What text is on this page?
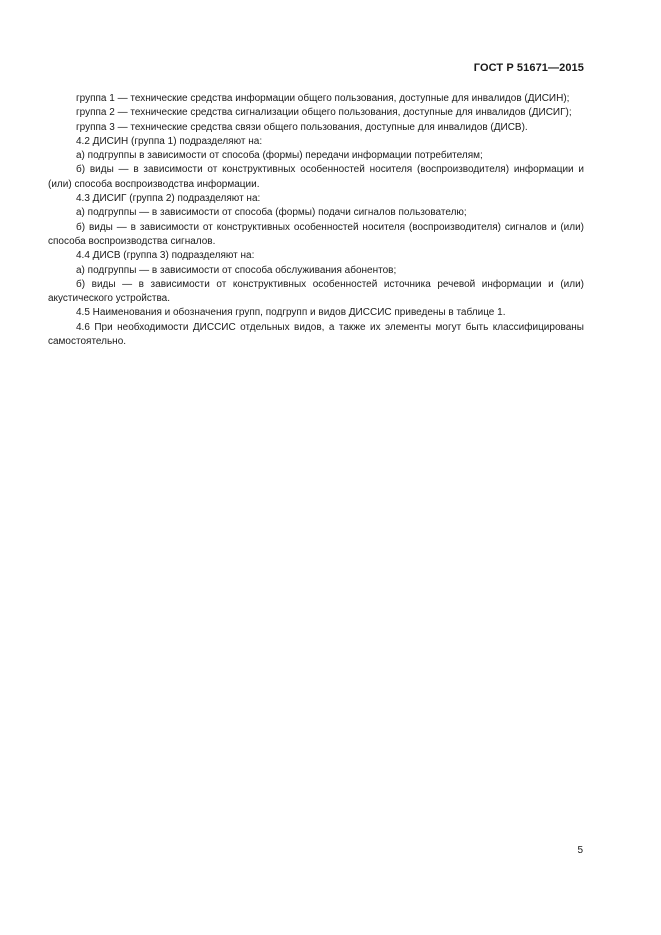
ГОСТ Р 51671—2015

группа 1 — технические средства информации общего пользования, доступные для инвалидов (ДИСИН);

группа 2 — технические средства сигнализации общего пользования, доступные для инвалидов (ДИСИГ);

группа 3 — технические средства связи общего пользования, доступные для инвалидов (ДИСВ).

4.2 ДИСИН (группа 1) подразделяют на:

а) подгруппы в зависимости от способа (формы) передачи информации потребителям;

б) виды — в зависимости от конструктивных особенностей носителя (воспроизводителя) информации и (или) способа воспроизводства информации.

4.3 ДИСИГ (группа 2) подразделяют на:

а) подгруппы — в зависимости от способа (формы) подачи сигналов пользователю;

б) виды — в зависимости от конструктивных особенностей носителя (воспроизводителя) сигналов и (или) способа воспроизводства сигналов.

4.4 ДИСВ (группа 3) подразделяют на:

а) подгруппы — в зависимости от способа обслуживания абонентов;

б) виды — в зависимости от конструктивных особенностей источника речевой информации и (или) акустического устройства.

4.5 Наименования и обозначения групп, подгрупп и видов ДИССИС приведены в таблице 1.

4.6 При необходимости ДИССИС отдельных видов, а также их элементы могут быть классифицированы самостоятельно.

5
